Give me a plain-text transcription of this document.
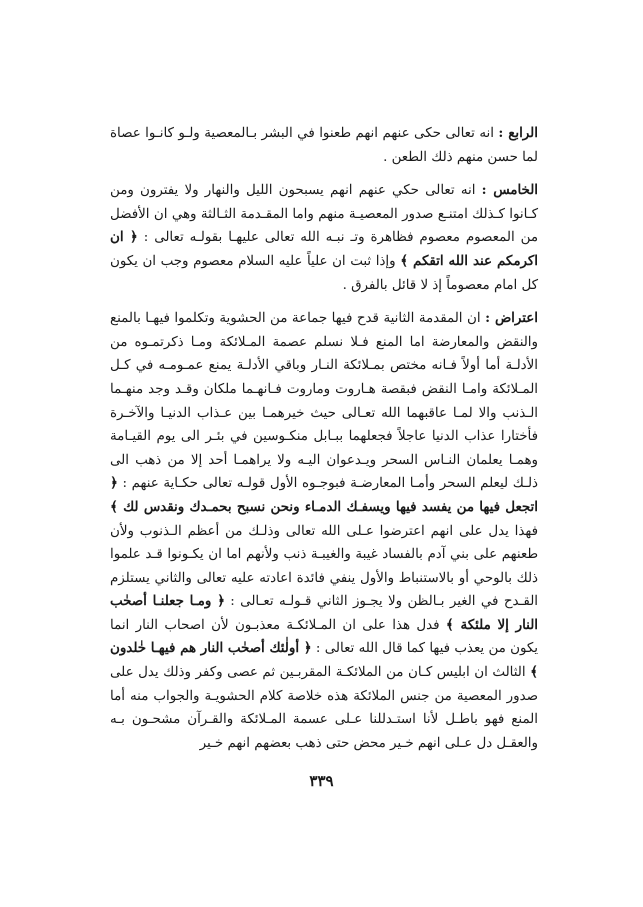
الرابع : انه تعالى حكى عنهم انهم طعنوا في البشر بـالمعصية ولـو كانـوا عصاة لما حسن منهم ذلك الطعن .

الخامس : انه تعالى حكي عنهم انهم يسبحون الليل والنهار ولا يفترون ومن كـانوا كـذلك امتنـع صدور المعصيـة منهم واما المقـدمة الثـالثة وهي ان الأفضل من المعصوم معصوم فظاهرة وتـ نبـه الله تعالى عليهـا بقولـه تعالى : ﴿ ان اكرمكم عند الله اتقكم ﴾ وإذا ثبت ان علياً عليه السلام معصوم وجب ان يكون كل امام معصوماً إذ لا قائل بالفرق .

اعتراض : ان المقدمة الثانية قدح فيها جماعة من الحشوية وتكلموا فيهـا بالمنع والنقض والمعارضة اما المنع فـلا نسلم عصمة المـلائكة ومـا ذكرتمـوه من الأدلـة أما أولاً فـانه مختص بمـلائكة النـار وباقي الأدلـة يمنع عمـومـه في كـل المـلائكة وامـا النقض فبقصة هـاروت وماروت فـانهـما ملكان وقـد وجد منهـما الـذنب والا لمـا عاقبهما الله تعـالى حيث خيرهمـا بين عـذاب الدنيـا والآخـرة فأختارا عذاب الدنيا عاجلاً فجعلهما ببـابل منكـوسين في بئـر الى يوم القيـامة وهمـا يعلمان النـاس السحر ويـدعوان اليـه ولا يراهمـا أحد إلا من ذهب الى ذلـك ليعلم السحر وأمـا المعارضـة فبوجـوه الأول قولـه تعالى حكـاية عنهم : ﴿ اتجعل فيها من يفسد فيها ويسفـك الدمـاء ونحن نسبح بحمـدك ونقدس لك ﴾ فهذا يدل على انهم اعترضوا عـلى الله تعالى وذلـك من أعظم الـذنوب ولأن طعنهم على بني آدم بالفساد غيبة والغيبـة ذنب ولأنهم اما ان يكـونوا قـد علموا ذلك بالوحي أو بالاستنباط والأول ينفي فائدة اعادته عليه تعالى والثاني يستلزم القـدح في الغير بـالظن ولا يجـوز الثاني قـولـه تعـالى : ﴿ ومـا جعلنـا أصحٰب النار إلا ملئكة ﴾ فدل هذا على ان المـلائكـة معذبـون لأن اصحاب النار انما يكون من يعذب فيها كما قال الله تعالى : ﴿ أولٰئك أصحٰب النار هم فيهـا خٰلدون ﴾ الثالث ان ابليس كـان من الملائكـة المقربـين ثم عصى وكفر وذلك يدل على صدور المعصية من جنس الملائكة هذه خلاصة كلام الحشويـة والجواب منه أما المنع فهو باطـل لأنا استـدللنا عـلى عسمة المـلائكة والقـرآن مشحـون بـه والعقـل دل عـلى انهم خـير محض حتى ذهب بعضهم انهم خـير

٣٣٩
